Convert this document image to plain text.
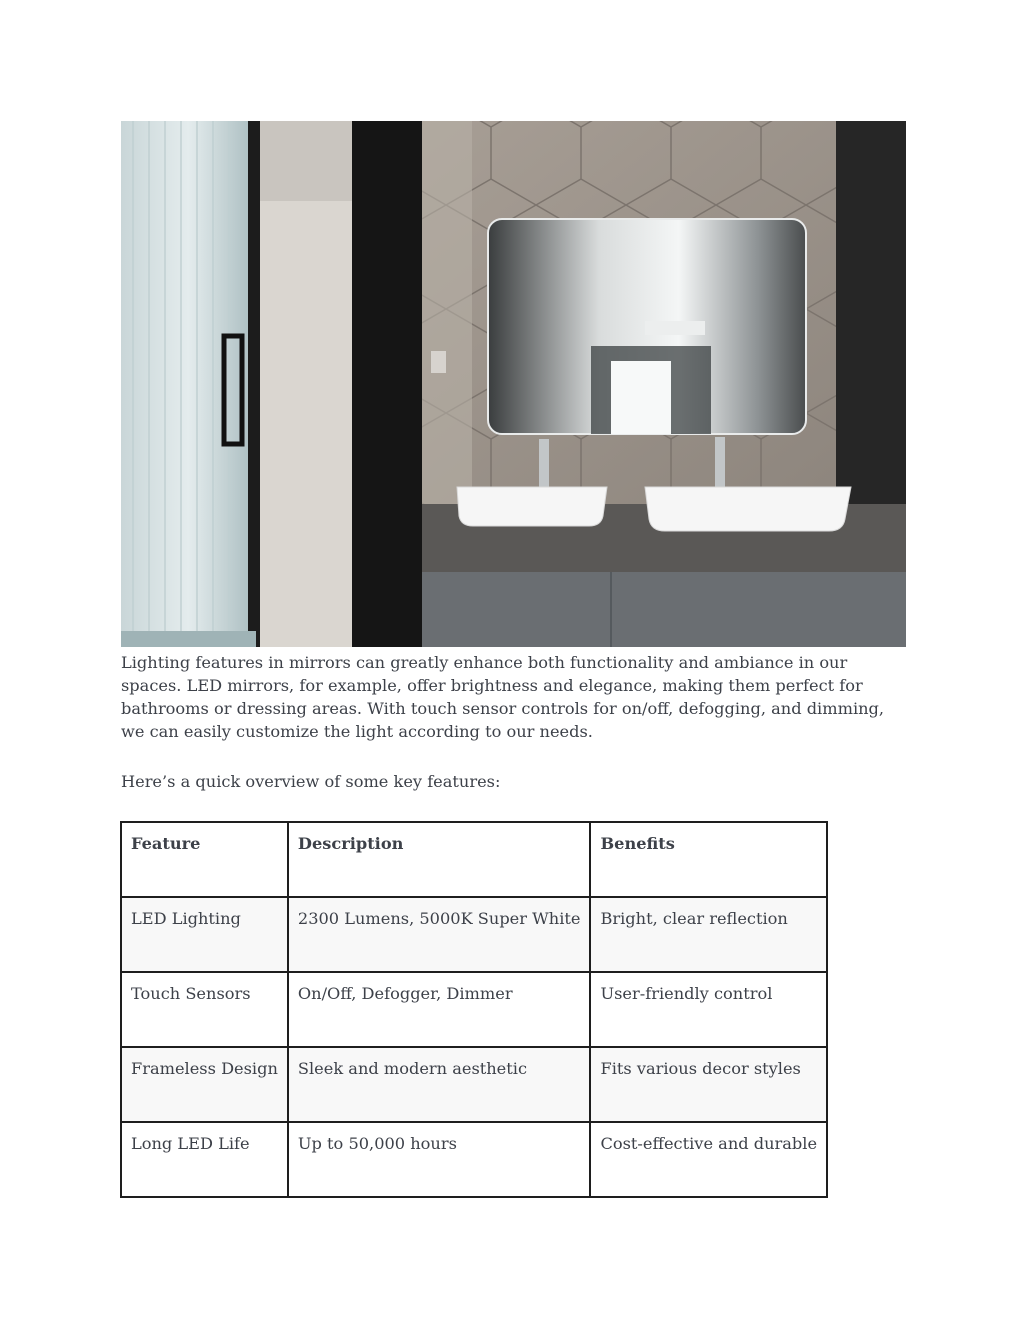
Lighting features in mirrors can greatly enhance both functionality and ambiance in our spaces. LED mirrors, for example, offer brightness and elegance, making them perfect for bathrooms or dressing areas. With touch sensor controls for on/off, defogging, and dimming, we can easily customize the light according to our needs.

Here’s a quick overview of some key features:

Feature	Description	Benefits
LED Lighting	2300 Lumens, 5000K Super White	Bright, clear reflection
Touch Sensors	On/Off, Defogger, Dimmer	User-friendly control
Frameless Design	Sleek and modern aesthetic	Fits various decor styles
Long LED Life	Up to 50,000 hours	Cost-effective and durable
